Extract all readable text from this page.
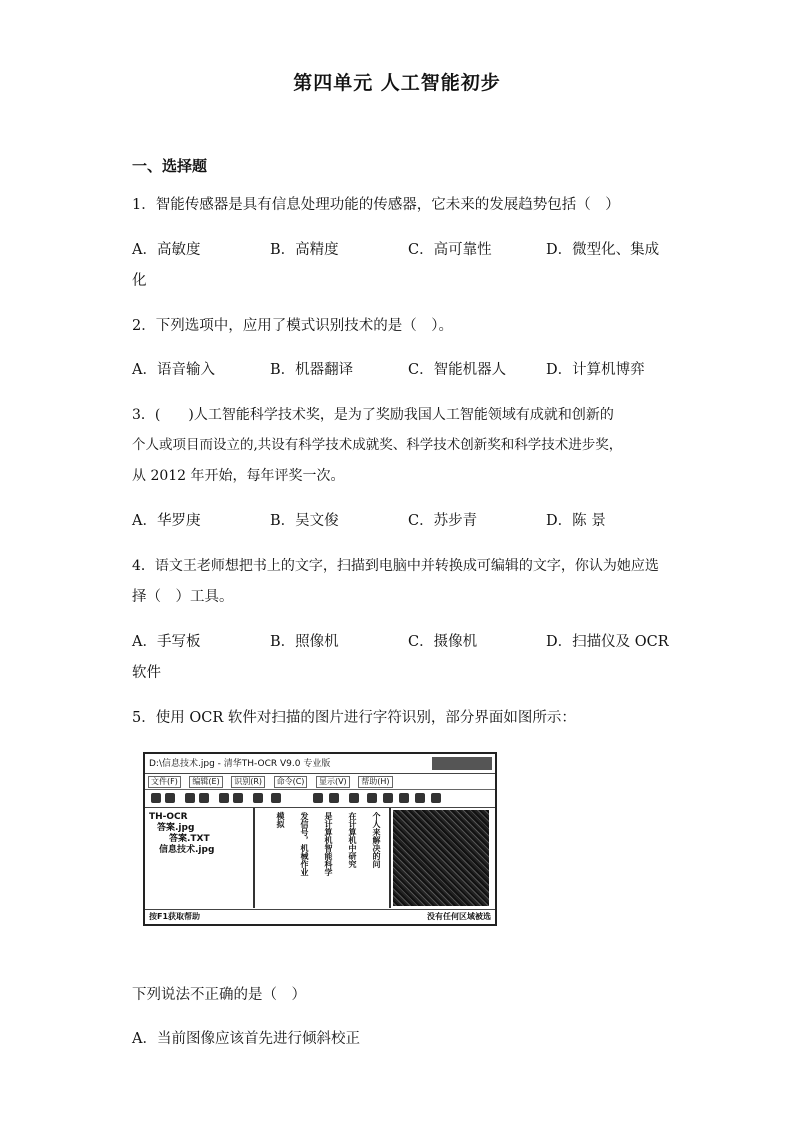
第四单元 人工智能初步
一、选择题
1．智能传感器是具有信息处理功能的传感器，它未来的发展趋势包括（　）
A．高敏度	B．高精度	C．高可靠性	D．微型化、集成
化
2．下列选项中，应用了模式识别技术的是（　）。
A．语音输入	B．机器翻译	C．智能机器人	D．计算机博弈
3．(　　)人工智能科学技术奖，是为了奖励我国人工智能领域有成就和创新的
个人或项目而设立的,共设有科学技术成就奖、科学技术创新奖和科学技术进步奖，
从 2012 年开始，每年评奖一次。
A．华罗庚	B．吴文俊	C．苏步青	D．陈 景
4．语文王老师想把书上的文字，扫描到电脑中并转换成可编辑的文字，你认为她应选
择（　）工具。
A．手写板	B．照像机	C．摄像机	D．扫描仪及 OCR
软件
5．使用 OCR 软件对扫描的图片进行字符识别，部分界面如图所示：
D:\信息技术.jpg - 清华TH-OCR V9.0 专业版
文件(F) 编辑(E) 识别(R) 命令(C) 显示(V) 帮助(H)
TH-OCR
答案.jpg
答案.TXT
信息技术.jpg	个人来解决的问
在计算机中研究
是计算机智能科学
发信号，机械作业
模拟
按F1获取帮助	没有任何区域被选
下列说法不正确的是（　）
A．当前图像应该首先进行倾斜校正
